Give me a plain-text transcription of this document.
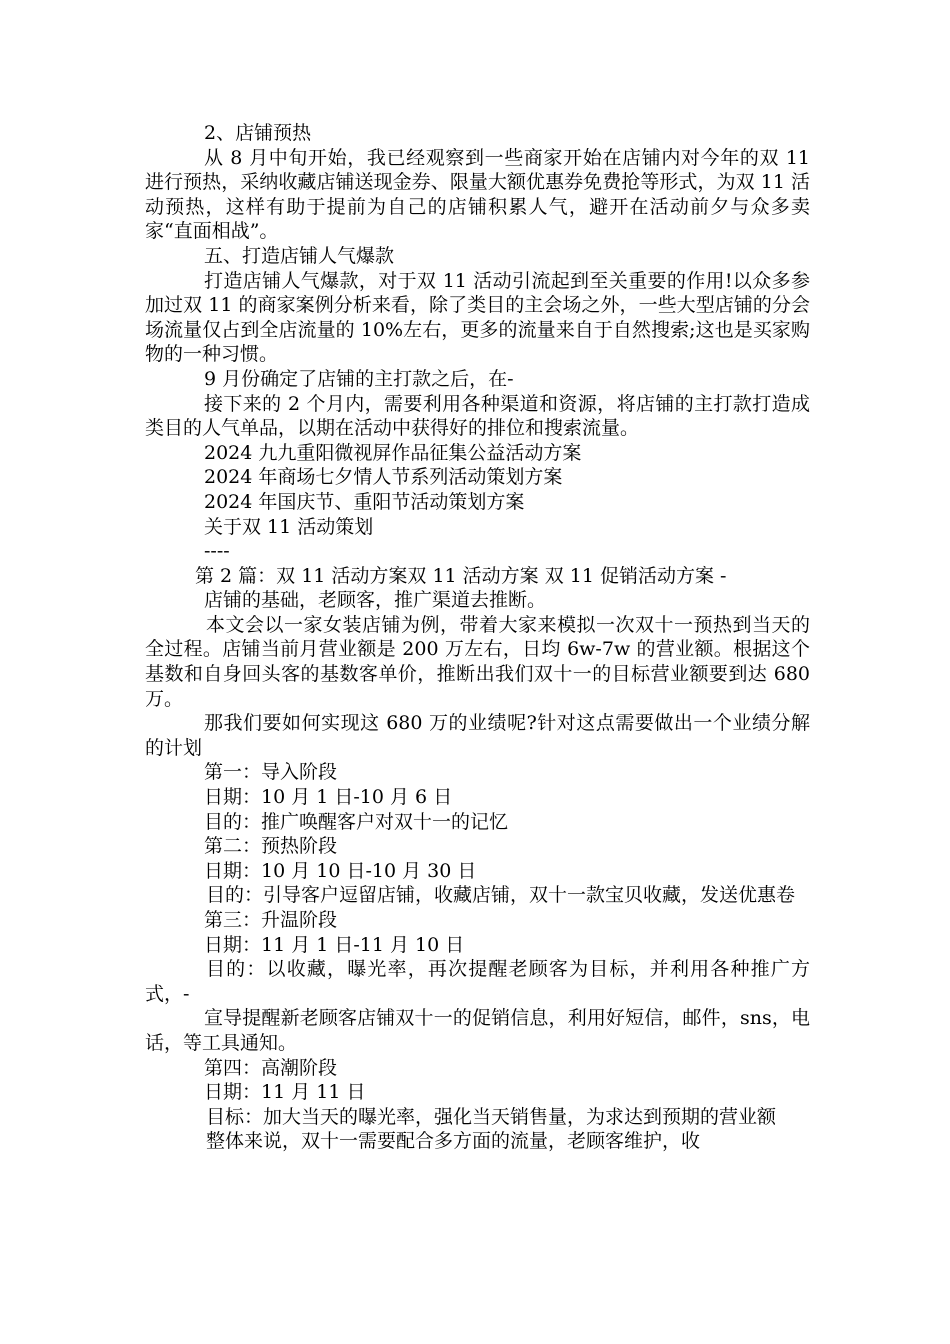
2、店铺预热

从 8 月中旬开始，我已经观察到一些商家开始在店铺内对今年的双 11 进行预热，采纳收藏店铺送现金券、限量大额优惠券免费抢等形式，为双 11 活动预热，这样有助于提前为自己的店铺积累人气，避开在活动前夕与众多卖家“直面相战”。

五、打造店铺人气爆款

打造店铺人气爆款，对于双 11 活动引流起到至关重要的作用!以众多参加过双 11 的商家案例分析来看，除了类目的主会场之外，一些大型店铺的分会场流量仅占到全店流量的 10%左右，更多的流量来自于自然搜索;这也是买家购物的一种习惯。

9 月份确定了店铺的主打款之后，在-

接下来的 2 个月内，需要利用各种渠道和资源，将店铺的主打款打造成类目的人气单品，以期在活动中获得好的排位和搜索流量。

2024 九九重阳微视屏作品征集公益活动方案

2024 年商场七夕情人节系列活动策划方案

2024 年国庆节、重阳节活动策划方案

关于双 11 活动策划

----

第 2 篇：双 11 活动方案双 11 活动方案 双 11 促销活动方案 -

店铺的基础，老顾客，推广渠道去推断。

本文会以一家女装店铺为例，带着大家来模拟一次双十一预热到当天的全过程。店铺当前月营业额是 200 万左右，日均 6w-7w 的营业额。根据这个基数和自身回头客的基数客单价，推断出我们双十一的目标营业额要到达 680 万。

那我们要如何实现这 680 万的业绩呢?针对这点需要做出一个业绩分解的计划

第一：导入阶段

日期：10 月 1 日-10 月 6 日

目的：推广唤醒客户对双十一的记忆

第二：预热阶段

日期：10 月 10 日-10 月 30 日

目的：引导客户逗留店铺，收藏店铺，双十一款宝贝收藏，发送优惠卷

第三：升温阶段

日期：11 月 1 日-11 月 10 日

目的：以收藏，曝光率，再次提醒老顾客为目标，并利用各种推广方式，-

宣导提醒新老顾客店铺双十一的促销信息，利用好短信，邮件，sns，电话，等工具通知。

第四：高潮阶段

日期：11 月 11 日

目标：加大当天的曝光率，强化当天销售量，为求达到预期的营业额

整体来说，双十一需要配合多方面的流量，老顾客维护，收
